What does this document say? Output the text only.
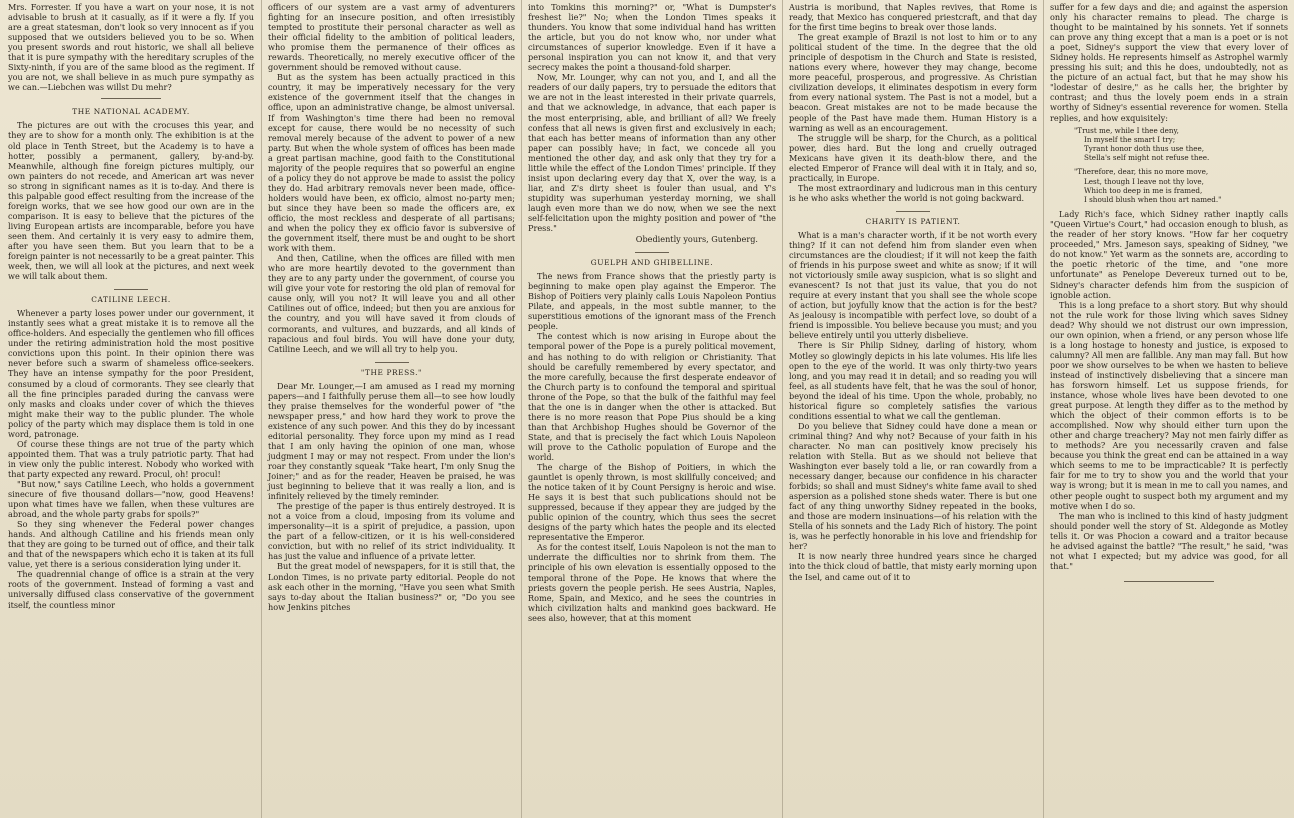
Mrs. Forrester. If you have a wart on your nose, it is not advisable to brush at it casually, as if it were a fly. If you are a great statesman, don't look so very innocent as if you supposed that we outsiders believed you to be so. When you present swords and rout historic, we shall all believe that it is pure sympathy with the hereditary scruples of the Sixty-ninth, if you are of the same blood as the regiment. If you are not, we shall believe in as much pure sympathy as we can.—Liebchen was willst Du mehr?

THE NATIONAL ACADEMY.

The pictures are out with the crocuses this year, and they are to show for a month only. The exhibition is at the old place in Tenth Street, but the Academy is to have a hotter, possibly a permanent, gallery, by-and-by. Meanwhile, although fine foreign pictures multiply, our own painters do not recede, and American art was never so strong in significant names as it is to-day. And there is this palpable good effect resulting from the increase of the foreign works, that we see how good our own are in the comparison. It is easy to believe that the pictures of the living European artists are incomparable, before you have seen them. And certainly it is very easy to admire them, after you have seen them. But you learn that to be a foreign painter is not necessarily to be a great painter. This week, then, we will all look at the pictures, and next week we will talk about them.

CATILINE LEECH.

Whenever a party loses power under our government, it instantly sees what a great mistake it is to remove all the office-holders. And especially the gentlemen who fill offices under the retiring administration hold the most positive convictions upon this point. In their opinion there was never before such a swarm of shameless office-seekers. They have an intense sympathy for the poor President, consumed by a cloud of cormorants. They see clearly that all the fine principles paraded during the canvass were only masks and cloaks under cover of which the thieves might make their way to the public plunder. The whole policy of the party which may displace them is told in one word, patronage.

Of course these things are not true of the party which appointed them. That was a truly patriotic party. That had in view only the public interest. Nobody who worked with that party expected any reward. Procul, oh! procul!

"But now," says Catiline Leech, who holds a government sinecure of five thousand dollars—"now, good Heavens! upon what times have we fallen, when these vultures are abroad, and the whole party grabs for spoils?"

So they sing whenever the Federal power changes hands. And although Catiline and his friends mean only that they are going to be turned out of office, and their talk and that of the newspapers which echo it is taken at its full value, yet there is a serious consideration lying under it.

The quadrennial change of office is a strain at the very roots of the government. Instead of forming a vast and universally diffused class conservative of the government itself, the countless minor

officers of our system are a vast army of adventurers fighting for an insecure position, and often irresistibly tempted to prostitute their personal character as well as their official fidelity to the ambition of political leaders, who promise them the permanence of their offices as rewards. Theoretically, no merely executive officer of the government should be removed without cause.

But as the system has been actually practiced in this country, it may be imperatively necessary for the very existence of the government itself that the changes in office, upon an administrative change, be almost universal. If from Washington's time there had been no removal except for cause, there would be no necessity of such removal merely because of the advent to power of a new party. But when the whole system of offices has been made a great partisan machine, good faith to the Constitutional majority of the people requires that so powerful an engine of a policy they do not approve be made to assist the policy they do. Had arbitrary removals never been made, office-holders would have been, ex officio, almost no-party men; but since they have been so made the officers are, ex officio, the most reckless and desperate of all partisans; and when the policy they ex officio favor is subversive of the government itself, there must be and ought to be short work with them.

And then, Catiline, when the offices are filled with men who are more heartily devoted to the government than they are to any party under the government, of course you will give your vote for restoring the old plan of removal for cause only, will you not? It will leave you and all other Catilines out of office, indeed; but then you are anxious for the country, and you will have saved it from clouds of cormorants, and vultures, and buzzards, and all kinds of rapacious and foul birds. You will have done your duty, Catiline Leech, and we will all try to help you.

"THE PRESS."

Dear Mr. Lounger,—I am amused as I read my morning papers—and I faithfully peruse them all—to see how loudly they praise themselves for the wonderful power of "the newspaper press," and how hard they work to prove the existence of any such power. And this they do by incessant editorial personality. They force upon my mind as I read that I am only having the opinion of one man, whose judgment I may or may not respect. From under the lion's roar they constantly squeak "Take heart, I'm only Snug the Joiner;" and as for the reader, Heaven be praised, he was just beginning to believe that it was really a lion, and is infinitely relieved by the timely reminder.

The prestige of the paper is thus entirely destroyed. It is not a voice from a cloud, imposing from its volume and impersonality—it is a spirit of prejudice, a passion, upon the part of a fellow-citizen, or it is his well-considered conviction, but with no relief of its strict individuality. It has just the value and influence of a private letter.

But the great model of newspapers, for it is still that, the London Times, is no private party editorial. People do not ask each other in the morning, "Have you seen what Smith says to-day about the Italian business?" or, "Do you see how Jenkins pitches

into Tomkins this morning?" or, "What is Dumpster's freshest lie?" No; when the London Times speaks it thunders. You know that some individual hand has written the article, but you do not know who, nor under what circumstances of superior knowledge. Even if it have a personal inspiration you can not know it, and that very secrecy makes the point a thousand-fold sharper.

Now, Mr. Lounger, why can not you, and I, and all the readers of our daily papers, try to persuade the editors that we are not in the least interested in their private quarrels, and that we acknowledge, in advance, that each paper is the most enterprising, able, and brilliant of all? We freely confess that all news is given first and exclusively in each; that each has better means of information than any other paper can possibly have; in fact, we concede all you mentioned the other day, and ask only that they try for a little while the effect of the London Times' principle. If they insist upon declaring every day that X, over the way, is a liar, and Z's dirty sheet is fouler than usual, and Y's stupidity was superhuman yesterday morning, we shall laugh even more than we do now, when we see the next self-felicitation upon the mighty position and power of "the Press."

Obediently yours, Gutenberg.
GUELPH AND GHIBELLINE.

The news from France shows that the priestly party is beginning to make open play against the Emperor. The Bishop of Poitiers very plainly calls Louis Napoleon Pontius Pilate, and appeals, in the most subtle manner, to the superstitious emotions of the ignorant mass of the French people.

The contest which is now arising in Europe about the temporal power of the Pope is a purely political movement, and has nothing to do with religion or Christianity. That should be carefully remembered by every spectator, and the more carefully, because the first desperate endeavor of the Church party is to confound the temporal and spiritual throne of the Pope, so that the bulk of the faithful may feel that the one is in danger when the other is attacked. But there is no more reason that Pope Pius should be a king than that Archbishop Hughes should be Governor of the State, and that is precisely the fact which Louis Napoleon will prove to the Catholic population of Europe and the world.

The charge of the Bishop of Poitiers, in which the gauntlet is openly thrown, is most skillfully conceived; and the notice taken of it by Count Persigny is heroic and wise. He says it is best that such publications should not be suppressed, because if they appear they are judged by the public opinion of the country, which thus sees the secret designs of the party which hates the people and its elected representative the Emperor.

As for the contest itself, Louis Napoleon is not the man to underrate the difficulties nor to shrink from them. The principle of his own elevation is essentially opposed to the temporal throne of the Pope. He knows that where the priests govern the people perish. He sees Austria, Naples, Rome, Spain, and Mexico, and he sees the countries in which civilization halts and mankind goes backward. He sees also, however, that at this moment

Austria is moribund, that Naples revives, that Rome is ready, that Mexico has conquered priestcraft, and that day for the first time begins to break over those lands.

The great example of Brazil is not lost to him or to any political student of the time. In the degree that the old principle of despotism in the Church and State is resisted, nations every where, however they may change, become more peaceful, prosperous, and progressive. As Christian civilization develops, it eliminates despotism in every form from every national system. The Past is not a model, but a beacon. Great mistakes are not to be made because the people of the Past have made them. Human History is a warning as well as an encouragement.

The struggle will be sharp, for the Church, as a political power, dies hard. But the long and cruelly outraged Mexicans have given it its death-blow there, and the elected Emperor of France will deal with it in Italy, and so, practically, in Europe.

The most extraordinary and ludicrous man in this century is he who asks whether the world is not going backward.

CHARITY IS PATIENT.

What is a man's character worth, if it be not worth every thing? If it can not defend him from slander even when circumstances are the cloudiest; if it will not keep the faith of friends in his purpose sweet and white as snow; if it will not victoriously smile away suspicion, what is so slight and evanescent? Is not that just its value, that you do not require at every instant that you shall see the whole scope of action, but joyfully know that the action is for the best? As jealousy is incompatible with perfect love, so doubt of a friend is impossible. You believe because you must; and you believe entirely until you utterly disbelieve.

There is Sir Philip Sidney, darling of history, whom Motley so glowingly depicts in his late volumes. His life lies open to the eye of the world. It was only thirty-two years long, and you may read it in detail; and so reading you will feel, as all students have felt, that he was the soul of honor, beyond the ideal of his time. Upon the whole, probably, no historical figure so completely satisfies the various conditions essential to what we call the gentleman.

Do you believe that Sidney could have done a mean or criminal thing? And why not? Because of your faith in his character. No man can positively know precisely his relation with Stella. But as we should not believe that Washington ever basely told a lie, or ran cowardly from a necessary danger, because our confidence in his character forbids; so shall and must Sidney's white fame avail to shed aspersion as a polished stone sheds water. There is but one fact of any thing unworthy Sidney repeated in the books, and those are modern insinuations—of his relation with the Stella of his sonnets and the Lady Rich of history. The point is, was he perfectly honorable in his love and friendship for her?

It is now nearly three hundred years since he charged into the thick cloud of battle, that misty early morning upon the Isel, and came out of it to

suffer for a few days and die; and against the aspersion only his character remains to plead. The charge is thought to be maintained by his sonnets. Yet if sonnets can prove any thing except that a man is a poet or is not a poet, Sidney's support the view that every lover of Sidney holds. He represents himself as Astrophel warmly pressing his suit; and this he does, undoubtedly, not as the picture of an actual fact, but that he may show his "lodestar of desire," as he calls her, the brighter by contrast; and thus the lovely poem ends in a strain worthy of Sidney's essential reverence for women. Stella replies, and how exquisitely:

"Trust me, while I thee deny,
In myself the smart I try;
Tyrant honor doth thus use thee,
Stella's self might not refuse thee.
"Therefore, dear, this no more move,
Lest, though I leave not thy love,
Which too deep in me is framed,
I should blush when thou art named."

Lady Rich's face, which Sidney rather inaptly calls "Queen Virtue's Court," had occasion enough to blush, as the reader of her story knows. "How far her coquetry proceeded," Mrs. Jameson says, speaking of Sidney, "we do not know." Yet warm as the sonnets are, according to the poetic rhetoric of the time, and "one more unfortunate" as Penelope Devereux turned out to be, Sidney's character defends him from the suspicion of ignoble action.

This is a long preface to a short story. But why should not the rule work for those living which saves Sidney dead? Why should we not distrust our own impression, our own opinion, when a friend, or any person whose life is a long hostage to honesty and justice, is exposed to calumny? All men are fallible. Any man may fall. But how poor we show ourselves to be when we hasten to believe instead of instinctively disbelieving that a sincere man has forsworn himself. Let us suppose friends, for instance, whose whole lives have been devoted to one great purpose. At length they differ as to the method by which the object of their common efforts is to be accomplished. Now why should either turn upon the other and charge treachery? May not men fairly differ as to methods? Are you necessarily craven and false because you think the great end can be attained in a way which seems to me to be impracticable? It is perfectly fair for me to try to show you and the world that your way is wrong; but it is mean in me to call you names, and other people ought to suspect both my argument and my motive when I do so.

The man who is inclined to this kind of hasty judgment should ponder well the story of St. Aldegonde as Motley tells it. Or was Phocion a coward and a traitor because he advised against the battle? "The result," he said, "was not what I expected; but my advice was good, for all that."
